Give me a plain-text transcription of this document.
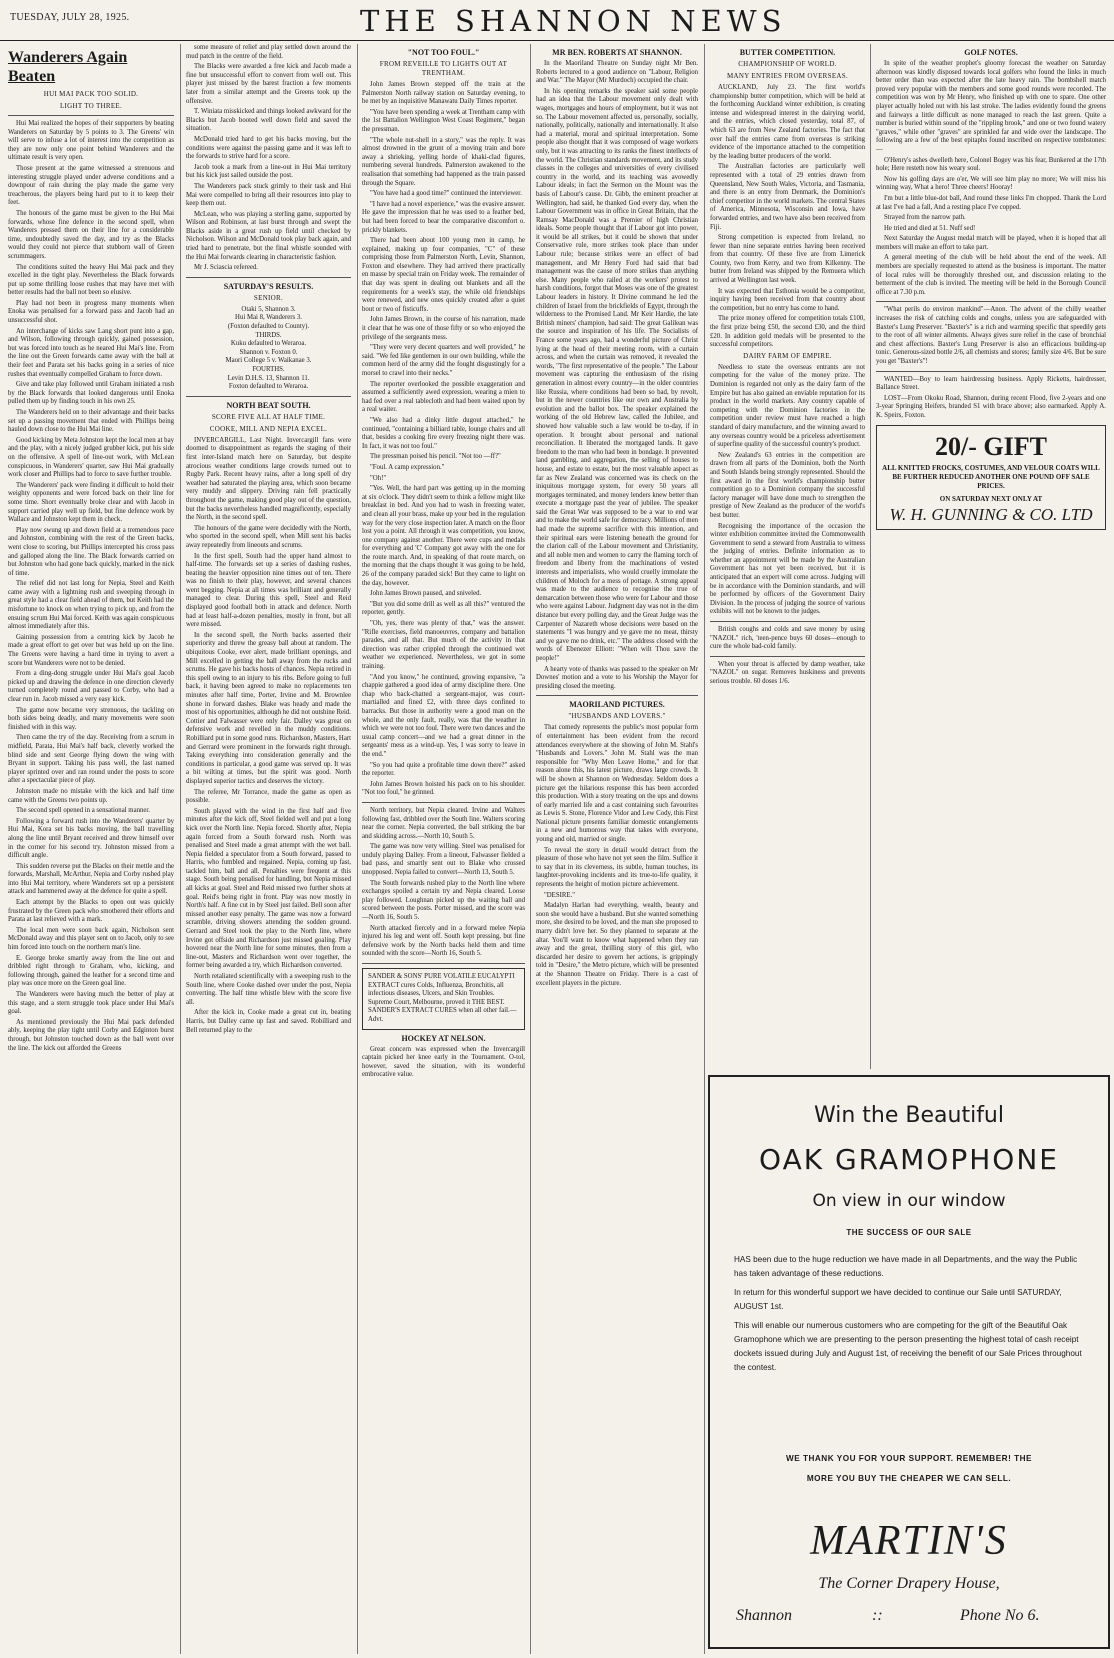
TUESDAY, JULY 28, 1925.	THE SHANNON NEWS
Wanderers Again Beaten
HUI MAI PACK TOO SOLID.
LIGHT TO THREE.

Hui Mai realized the hopes of their supporters by beating Wanderers on Saturday by 5 points to 3. The Greens' win will serve to infuse a lot of interest into the competition as they are now only one point behind Wanderers and the ultimate result is very open.

Those present at the game witnessed a strenuous and interesting struggle played under adverse conditions and a downpour of rain during the play made the game very treacherous, the players being hard put to it to keep their feet.

The honours of the game must be given to the Hui Mai forwards, whose fine defence in the second spell, when Wanderers pressed them on their line for a considerable time, undoubtedly saved the day, and try as the Blacks would they could not pierce that stubborn wall of Green scrummagers.

The conditions suited the heavy Hui Mai pack and they excelled in the tight play. Nevertheless the Black forwards put up some thrilling loose rushes that may have met with better results had the ball not been so elusive.

Play had not been in progress many moments when Enoka was penalised for a forward pass and Jacob had an unsuccessful shot.

An interchange of kicks saw Lang short punt into a gap, and Wilson, following through quickly, gained possession, but was forced into touch as he neared Hui Mai's line. From the line out the Green forwards came away with the ball at their feet and Parata set his backs going in a series of nice rushes that eventually compelled Graham to force down.

Give and take play followed until Graham initiated a rush by the Black forwards that looked dangerous until Enoka pulled them up by finding touch in his own 25.

The Wanderers held on to their advantage and their backs set up a passing movement that ended with Phillips being hauled down close to the Hui Mai line.

Good kicking by Meta Johnston kept the local men at bay and the play, with a nicely judged grubber kick, put his side on the offensive. A spell of line-out work, with McLean conspicuous, in Wanderers' quarter, saw Hui Mai gradually work closer and Phillips had to force to save further trouble.

The Wanderers' pack were finding it difficult to hold their weighty opponents and were forced back on their line for some time. Short eventually broke clear and with Jacob in support carried play well up field, but fine defence work by Wallace and Johnston kept them in check.

Play now swung up and down field at a tremendous pace and Johnston, combining with the rest of the Green backs, went close to scoring, but Phillips intercepted his cross pass and galloped along the line. The Black forwards carried on but Johnston who had gone back quickly, marked in the nick of time.

The relief did not last long for Nepia, Steel and Keith came away with a lightning rush and sweeping through in great style had a clear field ahead of them, but Keith had the misfortune to knock on when trying to pick up, and from the ensuing scrum Hui Mai forced. Keith was again conspicuous almost immediately after this.

Gaining possession from a centring kick by Jacob he made a great effort to get over but was held up on the line. The Greens were having a hard time in trying to avert a score but Wanderers were not to be denied.

From a ding-dong struggle under Hui Mai's goal Jacob picked up and drawing the defence in one direction cleverly turned completely round and passed to Corby, who had a clear run in. Jacob missed a very easy kick.

The game now became very strenuous, the tackling on both sides being deadly, and many movements were soon finished with in this way.

Then came the try of the day. Receiving from a scrum in midfield, Parata, Hui Mai's half back, cleverly worked the blind side and sent George flying down the wing with Bryant in support. Taking his pass well, the last named player sprinted over and ran round under the posts to score after a spectacular piece of play.

Johnston made no mistake with the kick and half time came with the Greens two points up.

The second spell opened in a sensational manner.

Following a forward rush into the Wanderers' quarter by Hui Mai, Kora set his backs moving, the ball travelling along the line until Bryant received and threw himself over in the corner for his second try. Johnston missed from a difficult angle.

This sudden reverse put the Blacks on their mettle and the forwards, Marshall, McArthur, Nepia and Corby rushed play into Hui Mai territory, where Wanderers set up a persistent attack and hammered away at the defence for quite a spell.

Each attempt by the Blacks to open out was quickly frustrated by the Green pack who smothered their efforts and Parata at last relieved with a mark.

The local men were soon back again, Nicholson sent McDonald away and this player sent on to Jacob, only to see him forced into touch on the northern man's line.

E. George broke smartly away from the line out and dribbled right through to Graham, who, kicking, and following through, gained the leather for a second time and play was once more on the Green goal line.

The Wanderers were having much the better of play at this stage, and a stern struggle took place under Hui Mai's goal.

As mentioned previously the Hui Mai pack defended ably, keeping the play tight until Corby and Edginton burst through, but Johnston touched down as the ball went over the line. The kick out afforded the Greens

some measure of relief and play settled down around the mud patch in the centre of the field.

The Blacks were awarded a free kick and Jacob made a fine but unsuccessful effort to convert from well out. This player just missed by the barest fraction a few moments later from a similar attempt and the Greens took up the offensive.

T. Winiata misskicked and things looked awkward for the Blacks but Jacob booted well down field and saved the situation.

McDonald tried hard to get his backs moving, but the conditions were against the passing game and it was left to the forwards to strive hard for a score.

Jacob took a mark from a line-out in Hui Mai territory but his kick just sailed outside the post.

The Wanderers pack stuck grimly to their task and Hui Mai were compelled to bring all their resources into play to keep them out.

McLean, who was playing a sterling game, supported by Wilson and Robinson, at last burst through and swept the Blacks aside in a great rush up field until checked by Nicholson. Wilson and McDonald took play back again, and tried hard to penetrate, but the final whistle sounded with the Hui Mai forwards clearing in characteristic fashion.

Mr J. Sciascia refereed.

SATURDAY'S RESULTS.
SENIOR.
Otaki 5, Shannon 3.
Hui Mai 8, Wanderers 3.
(Foxton defaulted to County).
THIRDS.
Kuku defaulted to Weraroa.
Shannon v. Foxton 0.
Maori College 5 v. Waikanae 3.
FOURTHS.
Levin D.H.S. 13, Shannon 11.
Foxton defaulted to Weraroa.
NORTH BEAT SOUTH.
SCORE FIVE ALL AT HALF TIME.
COOKE, MILL AND NEPIA EXCEL.

INVERCARGILL, Last Night. Invercargill fans were doomed to disappointment as regards the staging of their first inter-Island match here on Saturday, but despite atrocious weather conditions large crowds turned out to Rugby Park. Recent heavy rains, after a long spell of dry weather had saturated the playing area, which soon became very muddy and slippery. Driving rain fell practically throughout the game, making good play out of the question, but the backs nevertheless handled magnificently, especially the North, in the second spell.

The honours of the game were decidedly with the North, who sported in the second spell, when Mill sent his backs away repeatedly from lineouts and scrums.

In the first spell, South had the upper hand almost to half-time. The forwards set up a series of dashing rushes, beating the heavier opposition nine times out of ten. There was no finish to their play, however, and several chances went begging. Nepia at all times was brilliant and generally managed to clear. During this spell, Steel and Reid displayed good football both in attack and defence. North had at least half-a-dozen penalties, mostly in front, but all were missed.

In the second spell, the North backs asserted their superiority and threw the greasy ball about at random. The ubiquitous Cooke, ever alert, made brilliant openings, and Mill excelled in getting the ball away from the rucks and scrums. He gave his backs hosts of chances. Nepia retired in this spell owing to an injury to his ribs. Before going to full back, it having been agreed to make no replacements ten minutes after half time, Porter, Irvine and M. Brownlee shone in forward dashes. Blake was heady and made the most of his opportunities, although he did not outshine Reid. Cottier and Falwasser were only fair. Dalley was great on defensive work and revelled in the muddy conditions. Robilliard put in some good runs. Richardson, Masters, Hart and Gerrard were prominent in the forwards right through. Taking everything into consideration generally and the conditions in particular, a good game was served up. It was a bit wilting at times, but the spirit was good. North displayed superior tactics and deserves the victory.

The referee, Mr Torrance, made the game as open as possible.

South played with the wind in the first half and five minutes after the kick off, Steel fielded well and put a long kick over the North line. Nepia forced. Shortly after, Nepia again forced from a South forward rush. North was penalised and Steel made a great attempt with the wet ball. Nepia fielded a speculator from a South forward, passed to Harris, who fumbled and regained. Nepia, coming up fast, tackled him, ball and all. Penalties were frequent at this stage. South being penalised for handling, but Nepia missed all kicks at goal. Steel and Reid missed two further shots at goal. Reid's being right in front. Play was now mostly in North's half. A fine cut in by Steel just failed. Bell soon after missed another easy penalty. The game was now a forward scramble, driving showers attending the sodden ground. Gerrard and Steel took the play to the North line, where Irvine got offside and Richardson just missed goaling. Play hovered near the North line for some minutes, then from a line-out, Masters and Richardson went over together, the former being awarded a try, which Richardson converted.

North retaliated scientifically with a sweeping rush to the South line, where Cooke dashed over under the post, Nepia converting. The half time whistle blew with the score five all.

After the kick in, Cooke made a great cut in, beating Harris, but Dalley came up fast and saved. Robilliard and Bell returned play to the

"NOT TOO FOUL."
FROM REVEILLE TO LIGHTS OUT AT TRENTHAM.

John James Brown stepped off the train at the Palmerston North railway station on Saturday evening, to be met by an inquisitive Manawatu Daily Times reporter.

"You have been spending a week at Trentham camp with the 1st Battalion Wellington West Coast Regiment," began the pressman.

"The whole nut-shell in a story," was the reply. It was almost drowned in the grunt of a moving train and bore away a shrieking, yelling horde of khaki-clad figures, numbering several hundreds. Palmerston awakened to the realisation that something had happened as the train passed through the Square.

"You have had a good time?" continued the interviewer.

"I have had a novel experience," was the evasive answer. He gave the impression that he was used to a feather bed, but had been forced to bear the comparative discomfort o. prickly blankets.

There had been about 100 young men in camp, he explained, making up four companies, "C" of these comprising those from Palmerston North, Levin, Shannon, Foxton and elsewhere. They had arrived there practically en masse by special train on Friday week. The remainder of that day was spent in dealing out blankets and all the requirements for a week's stay, the while old friendships were renewed, and new ones quickly created after a quiet bout or two of fisticuffs.

John James Brown, in the course of his narration, made it clear that he was one of those fifty or so who enjoyed the privilege of the sergeants mess.

"They were very decent quarters and well provided," he said. "We fed like gentlemen in our own building, while the common herd of the army did the fought disgustingly for a morsel to crawl into their necks."

The reporter overlooked the possible exaggeration and assumed a sufficiently awed expression, wearing a mien to had fed over a real tablecloth and had been waited upon by a real waiter.

"We also had a dinky little dugout attached," he continued, "containing a billiard table, lounge chairs and all that, besides a cooking fire every freezing night there was. In fact, it was not too foul."

The pressman poised his pencil. "Not too —ff?"

"Foul. A camp expression."

"Oh!"

"Yes. Well, the hard part was getting up in the morning at six o'clock. They didn't seem to think a fellow might like breakfast in bed. And you had to wash in freezing water, and clean all your brass, make up your bed in the regulation way for the very close inspection later. A match on the floor lost you a point. All through it was competition, you know, one company against another. There were cups and medals for everything and 'C' Company got away with the one for the route march. And, in speaking of that route march, on the morning that the chaps thought it was going to be held, 26 of the company paraded sick! But they came to light on the day, however.

John James Brown paused, and sniveled.

"But you did some drill as well as all this?" ventured the reporter, gently.

"Oh, yes, there was plenty of that," was the answer. "Rifle exercises, field manoeuvres, company and battalion parades, and all that. But much of the activity in that direction was rather crippled through the continued wet weather we experienced. Nevertheless, we got in some training.

"And you know," he continued, growing expansive, "a chappie gathered a good idea of army discipline there. One chap who back-chatted a sergeant-major, was court-martialled and fined £2, with three days confined to barracks. But those in authority were a good man on the whole, and the only fault, really, was that the weather in which we were not too foul. There were two dances and the usual camp concert—and we had a great dinner in the sergeants' mess as a wind-up. Yes, I was sorry to leave in the end."

"So you had quite a profitable time down there?" asked the reporter.

John James Brown hoisted his pack on to his shoulder. "Not too foul," he grinned.

North territory, but Nepia cleared. Irvine and Walters following fast, dribbled over the South line. Walters scoring near the corner. Nepia converted, the ball striking the bar and skidding across.—North 10, South 5.

The game was now very willing. Steel was penalised for unduly playing Dalley. From a lineout, Falwasser fielded a bad pass, and smartly sent out to Blake who crossed unopposed. Nepia failed to convert—North 13, South 5.

The South forwards rushed play to the North line where exchanges spoiled a certain try and Nepia cleared. Loose play followed. Loughnan picked up the waiting ball and scored between the posts. Porter missed, and the score was—North 16, South 5.

North attacked fiercely and in a forward melee Nepia injured his leg and went off. South kept pressing, but fine defensive work by the North backs held them and time sounded with the score—North 16, South 5.

SANDER & SONS' PURE VOLATILE EUCALYPTI EXTRACT cures Colds, Influenza, Bronchitis, all infectious diseases, Ulcers, and Skin Troubles. Supreme Court, Melbourne, proved it THE BEST. SANDER'S EXTRACT CURES when all other fail.—Advt.
HOCKEY AT NELSON.
Great concern was expressed when the Invercargill captain picked her knee early in the Tournament. O-tol, however, saved the situation, with its wonderful embrocative value.
MR BEN. ROBERTS AT SHANNON.

In the Maoriland Theatre on Sunday night Mr Ben. Roberts lectured to a good audience on "Labour, Religion and War." The Mayor (Mr Murdoch) occupied the chair.

In his opening remarks the speaker said some people had an idea that the Labour movement only dealt with wages, mortgages and hours of employment, but it was not so. The Labour movement affected us, personally, socially, nationally, politically, nationally and internationally. It also had a material, moral and spiritual interpretation. Some people also thought that it was composed of wage workers only, but it was attracting to its ranks the finest intellects of the world. The Christian standards movement, and its study classes in the colleges and universities of every civilised country in the world, and its teaching was avowedly Labour ideals; in fact the Sermon on the Mount was the basis of Labour's cause. Dr. Gibb, the eminent preacher at Wellington, had said, he thanked God every day, when the Labour Government was in office in Great Britain, that the Ramsay MacDonald was a Premier of high Christian ideals. Some people thought that if Labour got into power, it would be all strikes, but it could be shown that under Conservative rule, more strikes took place than under Labour rule; because strikes were an effect of bad management, and Mr Henry Ford had said that bad management was the cause of more strikes than anything else. Many people who railed at the workers' protest to harsh conditions, forgot that Moses was one of the greatest Labour leaders in history. It Divine command he led the children of Israel from the brickfields of Egypt, through the wilderness to the Promised Land. Mr Keir Hardie, the late British miners' champion, had said: The great Galilean was the source and inspiration of his life. The Socialists of France some years ago, had a wonderful picture of Christ lying at the head of their meeting room, with a curtain across, and when the curtain was removed, it revealed the words, "The first representative of the people." The Labour movement was capturing the enthusiasm of the rising generation in almost every country—in the older countries like Russia, where conditions had been so bad, by revolt, but in the newer countries like our own and Australia by evolution and the ballot box. The speaker explained the working of the old Hebrew law, called the Jubilee, and showed how valuable such a law would be to-day, if in operation. It brought about personal and national reconciliation. It liberated the mortgaged lands. It gave freedom to the man who had been in bondage. It prevented land gambling, and aggregation, the selling of houses to house, and estate to estate, but the most valuable aspect as far as New Zealand was concerned was its check on the iniquitous mortgage system, for every 50 years all mortgages terminated, and money lenders knew better than execute a mortgage past the year of jubilee. The speaker said the Great War was supposed to be a war to end war and to make the world safe for democracy. Millions of men had made the supreme sacrifice with this intention, and their spiritual ears were listening beneath the ground for the clarion call of the Labour movement and Christianity, and all noble men and women to carry the flaming torch of freedom and liberty from the machinations of vested interests and imperialists, who would cruelly immolate the children of Moloch for a mess of pottage. A strong appeal was made to the audience to recognise the true of demarcation between those who were for Labour and those who were against Labour. Judgment day was not in the dim distance but every polling day, and the Great Judge was the Carpenter of Nazareth whose decisions were based on the statements "I was hungry and ye gave me no meat, thirsty and ye gave me no drink, etc." The address closed with the words of Ebenezer Elliott: "When wilt Thou save the people!"

A hearty vote of thanks was passed to the speaker on Mr Downes' motion and a vote to his Worship the Mayor for presiding closed the meeting.

MAORILAND PICTURES.
"HUSBANDS AND LOVERS."

That comedy represents the public's most popular form of entertainment has been evident from the record attendances everywhere at the showing of John M. Stahl's "Husbands and Lovers." John M. Stahl was the man responsible for "Why Men Leave Home," and for that reason alone this, his latest picture, draws large crowds. It will be shown at Shannon on Wednesday. Seldom does a picture get the hilarious response this has been accorded this production. With a story treating on the ups and downs of early married life and a cast containing such favourites as Lewis S. Stone, Florence Vidor and Lew Cody, this First National picture presents familiar domestic entanglements in a new and humorous way that takes with everyone, young and old, married or single.

To reveal the story in detail would detract from the pleasure of those who have not yet seen the film. Suffice it to say that in its cleverness, its subtle, human touches, its laughter-provoking incidents and its true-to-life quality, it represents the height of motion picture achievement.

"DESIRE."

Madalyn Harlan had everything, wealth, beauty and soon she would have a husband. But she wanted something more, she desired to be loved, and the man she proposed to marry didn't love her. So they planned to separate at the altar. You'll want to know what happened when they ran away and the great, thrilling story of this girl, who discarded her desire to govern her actions, is grippingly told in "Desire," the Metro picture, which will be presented at the Shannon Theatre on Friday. There is a cast of excellent players in the picture.

BUTTER COMPETITION.
CHAMPIONSHIP OF WORLD.
MANY ENTRIES FROM OVERSEAS.

AUCKLAND, July 23. The first world's championship butter competition, which will be held at the forthcoming Auckland winter exhibition, is creating intense and widespread interest in the dairying world, and the entries, which closed yesterday, total 87, of which 63 are from New Zealand factories. The fact that over half the entries came from overseas is striking evidence of the importance attached to the competition by the leading butter producers of the world.

The Australian factories are particularly well represented with a total of 29 entries drawn from Queensland, New South Wales, Victoria, and Tasmania, and there is an entry from Denmark, the Dominion's chief competitor in the world markets. The central States of America, Minnesota, Wisconsin and Iowa, have forwarded entries, and two have also been received from Fiji.

Strong competition is expected from Ireland, no fewer than nine separate entries having been received from that country. Of these five are from Limerick County, two from Kerry, and two from Kilkenny. The butter from Ireland was shipped by the Remuera which arrived at Wellington last week.

It was expected that Esthonia would be a competitor, inquiry having been received from that country about the competition, but no entry has come to hand.

The prize money offered for competition totals £100, the first prize being £50, the second £30, and the third £20. In addition gold medals will be presented to the successful competitors.

DAIRY FARM OF EMPIRE.

Needless to state the overseas entrants are not competing for the value of the money prize. The Dominion is regarded not only as the dairy farm of the Empire but has also gained an enviable reputation for its product in the world markets. Any country capable of competing with the Dominion factories in the competition under review must have reached a high standard of dairy manufacture, and the winning award to any overseas country would be a priceless advertisement of superfine quality of the successful country's product.

New Zealand's 63 entries in the competition are drawn from all parts of the Dominion, both the North and South Islands being strongly represented. Should the first award in the first world's championship butter competition go to a Dominion company the successful factory manager will have done much to strengthen the prestige of New Zealand as the producer of the world's best butter.

Recognising the importance of the occasion the winter exhibition committee invited the Commonwealth Government to send a steward from Australia to witness the judging of entries. Definite information as to whether an appointment will be made by the Australian Government has not yet been received, but it is anticipated that an expert will come across. Judging will be in accordance with the Dominion standards, and will be performed by officers of the Government Dairy Division. In the process of judging the source of various exhibits will not be known to the judges.

British coughs and colds and save money by using "NAZOL" rich, 'teen-pence buys 60 doses—enough to cure the whole bad-cold family.
When your throat is affected by damp weather, take "NAZOL" on sugar. Removes huskiness and prevents serious trouble. 60 doses 1/6.
GOLF NOTES.

In spite of the weather prophet's gloomy forecast the weather on Saturday afternoon was kindly disposed towards local golfers who found the links in much better order than was expected after the late heavy rain. The bombshell match proved very popular with the members and some good rounds were recorded. The competition was won by Mr Henry, who finished up with one to spare. One other player actually holed out with his last stroke. The ladies evidently found the greens and fairways a little difficult as none managed to reach the last green. Quite a number is buried within sound of the "rippling brook," and one or two found watery "graves," while other "graves" are sprinkled far and wide over the landscape. The following are a few of the best epitaphs found inscribed on respective tombstones:—

O'Henry's ashes dwelleth here, Colonel Bogey was his fear, Bunkered at the 17th hole; Here resteth now his weary soul.

Now his golfing days are o'er, We will see him play no more; We will miss his winning way, What a hero! Three cheers! Hooray!

I'm but a little blue-dot ball, And round these links I'm chopped. Thank the Lord at last I've had a fall, And a resting place I've copped.

Strayed from the narrow path.

He tried and died at 51. Nuff sed!

Next Saturday the August medal match will be played, when it is hoped that all members will make an effort to take part.

A general meeting of the club will be held about the end of the week. All members are specially requested to attend as the business is important. The matter of local rules will be thoroughly threshed out, and discussion relating to the betterment of the club is invited. The meeting will be held in the Borough Council office at 7.30 p.m.

"What perils do environ mankind"—Anon. The advent of the chilly weather increases the risk of catching colds and coughs, unless you are safeguarded with Baxter's Lung Preserver. "Baxter's" is a rich and warming specific that speedily gets to the root of all winter ailments. Always gives sure relief in the case of bronchial and chest affections. Baxter's Lung Preserver is also an efficacious building-up tonic. Generous-sized bottle 2/6, all chemists and stores; family size 4/6. But be sure you get "Baxter's"!
WANTED—Boy to learn hairdressing business. Apply Ricketts, hairdresser, Ballance Street.
LOST—From Okoku Road, Shannon, during recent Flood, five 2-years and one 3-year Springing Heifers, branded S1 with brace above; also earmarked. Apply A. K. Speirs, Foxton.
20/- GIFT
ALL KNITTED FROCKS, COSTUMES, AND VELOUR COATS WILL BE FURTHER REDUCED ANOTHER ONE POUND OFF SALE PRICES.
ON SATURDAY NEXT ONLY AT
W. H. GUNNING & CO. LTD
Win the Beautiful
OAK GRAMOPHONE
On view in our window
THE SUCCESS OF OUR SALE

HAS been due to the huge reduction we have made in all Departments, and the way the Public has taken advantage of these reductions.

In return for this wonderful support we have decided to continue our Sale until SATURDAY, AUGUST 1st.

This will enable our numerous customers who are competing for the gift of the Beautiful Oak Gramophone which we are presenting to the person presenting the highest total of cash receipt dockets issued during July and August 1st, of receiving the benefit of our Sale Prices throughout the contest.

WE THANK YOU FOR YOUR SUPPORT. REMEMBER! THE
MORE YOU BUY THE CHEAPER WE CAN SELL.
MARTIN'S
The Corner Drapery House,
Shannon	::	Phone No 6.
